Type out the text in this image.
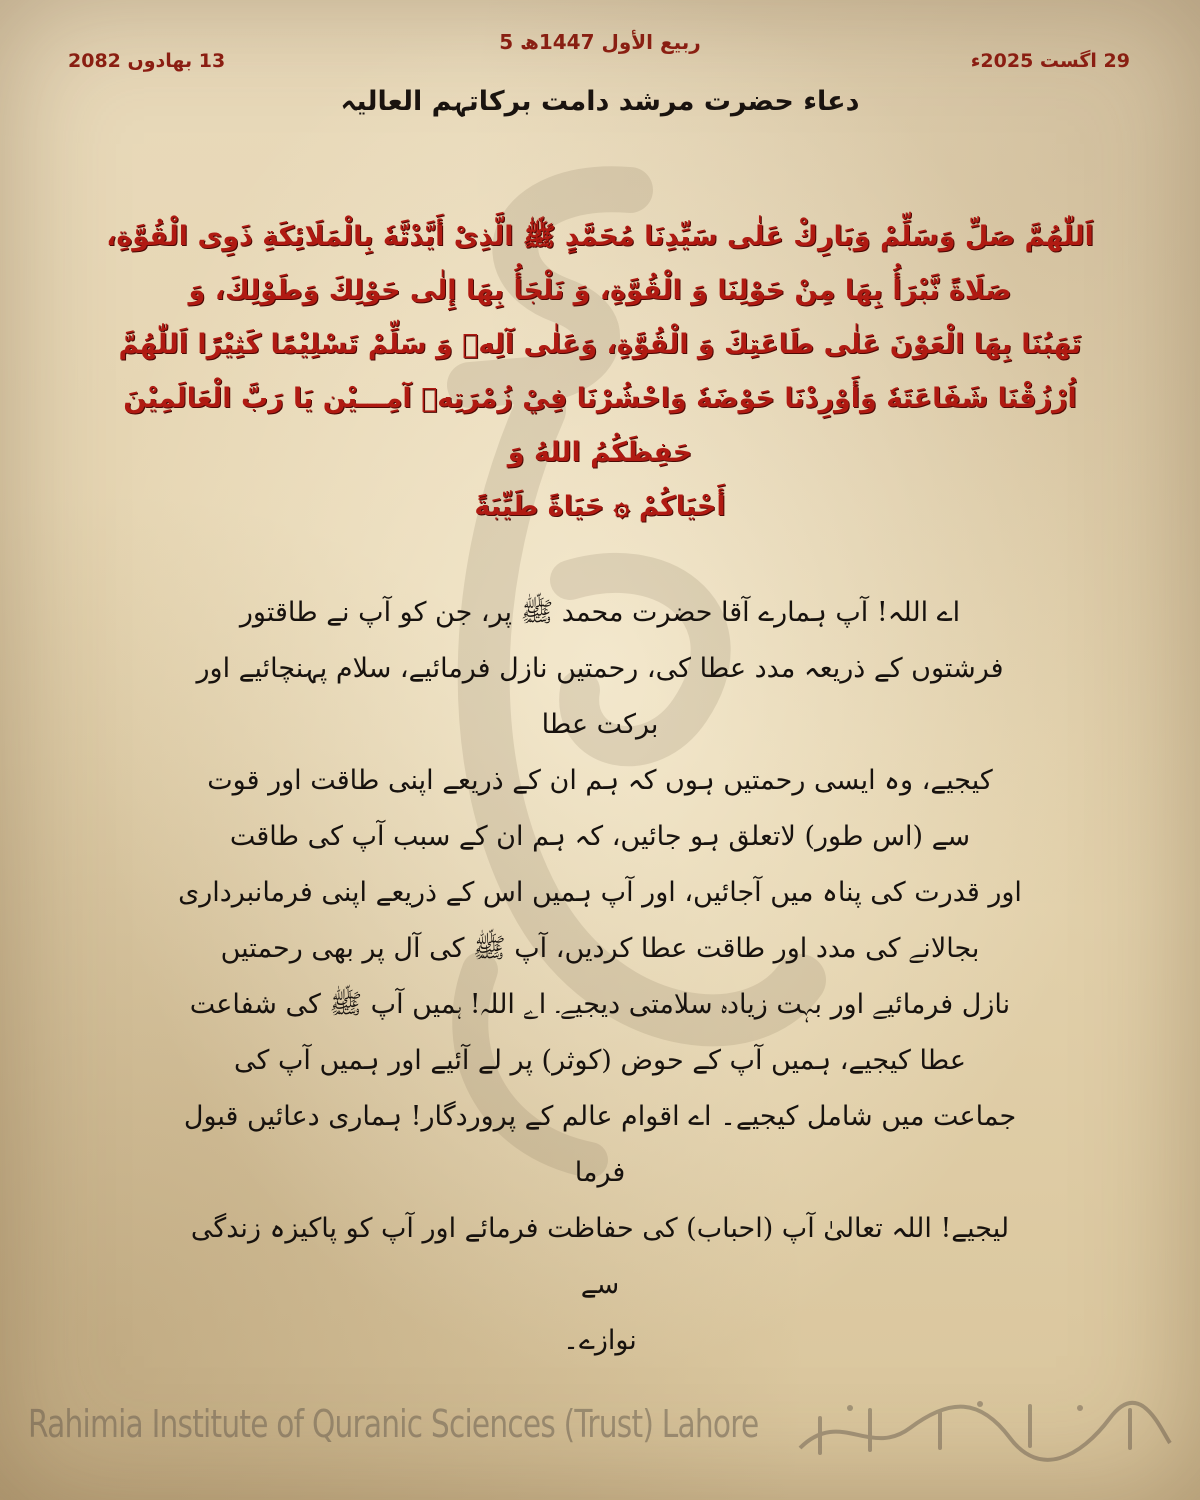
5 ربیع الأول 1447ھ
29 اگست 2025ء
13 بھادوں 2082
دعاء حضرت مرشد دامت برکاتہم العالیہ
اَللّٰهُمَّ صَلِّ وَسَلِّمْ وَبَارِكْ عَلٰى سَيِّدِنَا مُحَمَّدٍ ﷺ الَّذِىْ أَيَّدْتَّهٗ بِالْمَلَائِكَةِ ذَوِى الْقُوَّةِ،
صَلَاةً نَّبْرَأُ بِهَا مِنْ حَوْلِنَا وَ الْقُوَّةِ، وَ نَلْجَأُ بِهَا إِلٰى حَوْلِكَ وَطَوْلِكَ، وَ
تَهَبُنَا بِهَا الْعَوْنَ عَلٰى طَاعَتِكَ وَ الْقُوَّةِ، وَعَلٰى آلِهٖ وَ سَلِّمْ تَسْلِيْمًا كَثِيْرًا اَللّٰهُمَّ
اُرْزُقْنَا شَفَاعَتَهٗ وَأَوْرِدْنَا حَوْضَهٗ وَاحْشُرْنَا فِيْ زُمْرَتِهٖ آمِـــيْن يَا رَبَّ الْعَالَمِيْنَ حَفِظَكُمُ اللهُ وَ
أَحْيَاكُمْ ۞ حَيَاةً طَيِّبَةً
اے اللہ! آپ ہمارے آقا حضرت محمد ﷺ پر، جن کو آپ نے طاقتور
فرشتوں کے ذریعہ مدد عطا کی، رحمتیں نازل فرمائیے، سلام پہنچائیے اور برکت عطا
کیجیے، وہ ایسی رحمتیں ہوں کہ ہم ان کے ذریعے اپنی طاقت اور قوت
سے (اس طور) لاتعلق ہو جائیں، کہ ہم ان کے سبب آپ کی طاقت
اور قدرت کی پناہ میں آجائیں، اور آپ ہمیں اس کے ذریعے اپنی فرمانبرداری
بجالانے کی مدد اور طاقت عطا کردیں، آپ ﷺ کی آل پر بھی رحمتیں
نازل فرمائیے اور بہت زیادہ سلامتی دیجیے۔ اے اللہ! ہمیں آپ ﷺ کی شفاعت
عطا کیجیے، ہمیں آپ کے حوض (کوثر) پر لے آئیے اور ہمیں آپ کی
جماعت میں شامل کیجیے۔ اے اقوام عالم کے پروردگار! ہماری دعائیں قبول فرما
لیجیے! اللہ تعالیٰ آپ (احباب) کی حفاظت فرمائے اور آپ کو پاکیزہ زندگی سے
نوازے۔
Rahimia Institute of Quranic Sciences (Trust) Lahore
